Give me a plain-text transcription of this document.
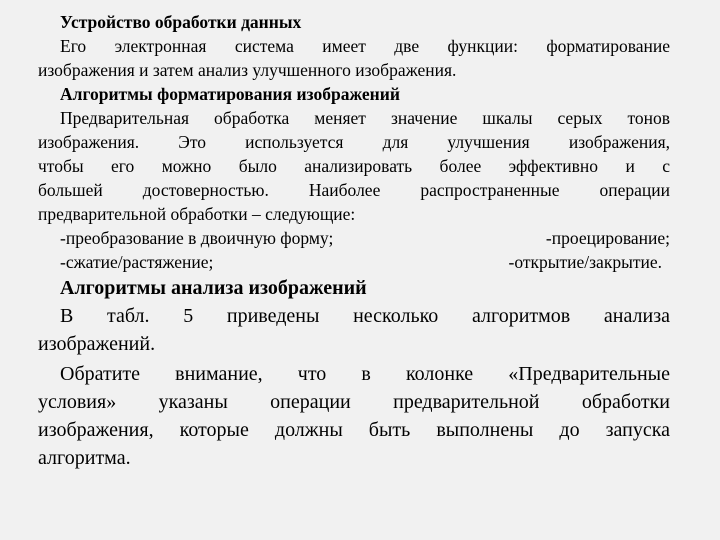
Устройство обработки данных
Его электронная система имеет две функции: форматирование
изображения и затем анализ улучшенного изображения.
Алгоритмы форматирования изображений
Предварительная обработка меняет значение шкалы серых тонов
изображения. Это используется для улучшения изображения,
чтобы его можно было анализировать более эффективно и с
большей достоверностью. Наиболее распространенные операции
предварительной обработки – следующие:
-преобразование в двоичную форму;	-проецирование;
-сжатие/растяжение;	-открытие/закрытие.
Алгоритмы анализа изображений
В табл. 5 приведены несколько алгоритмов анализа
изображений.
Обратите внимание, что в колонке «Предварительные
условия» указаны операции предварительной обработки
изображения, которые должны быть выполнены до запуска
алгоритма.
